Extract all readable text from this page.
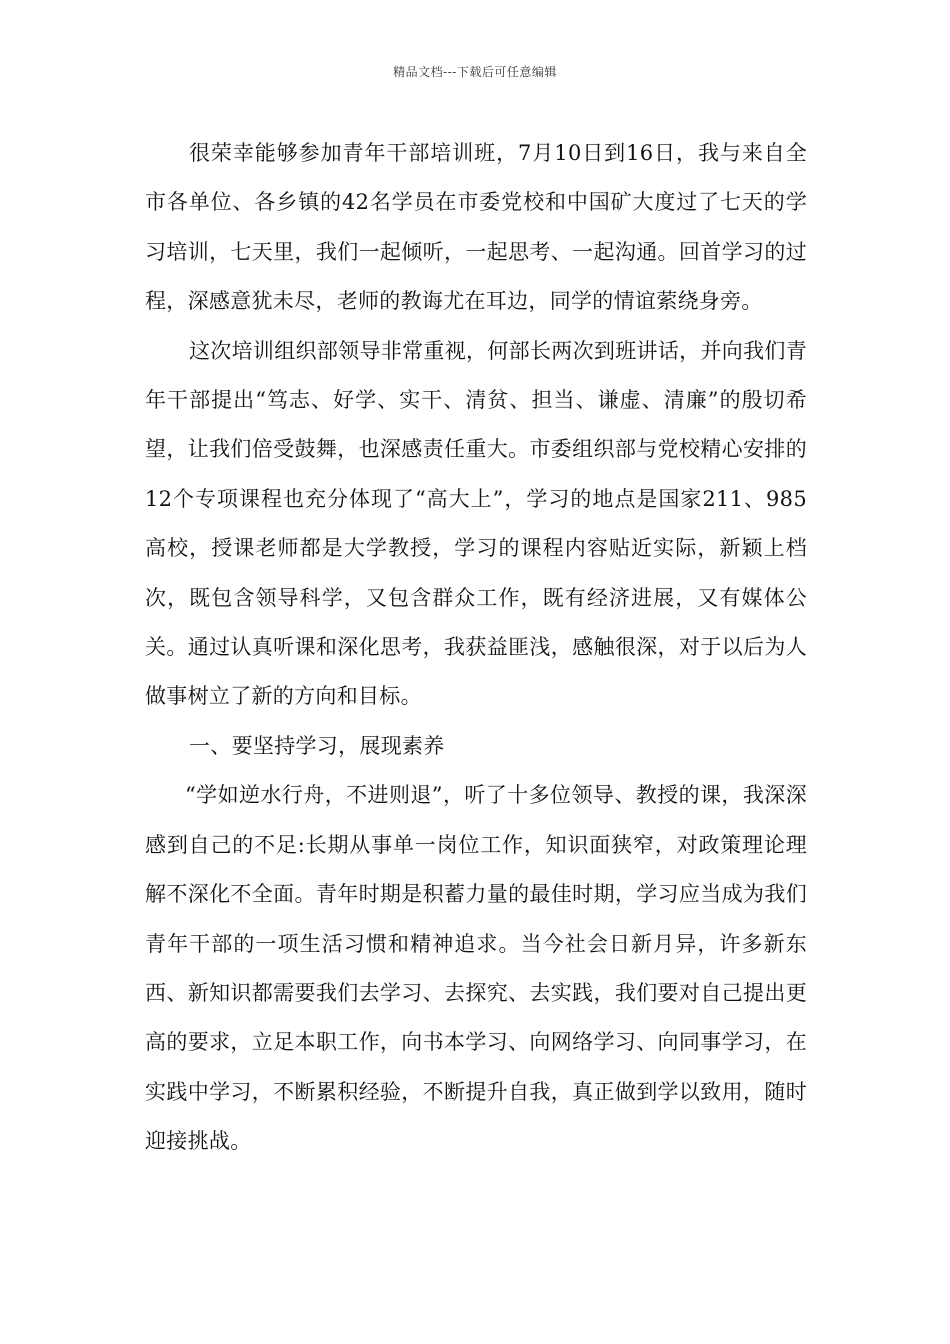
精品文档---下载后可任意编辑

很荣幸能够参加青年干部培训班，7月10日到16日，我与来自全市各单位、各乡镇的42名学员在市委党校和中国矿大度过了七天的学习培训，七天里，我们一起倾听，一起思考、一起沟通。回首学习的过程，深感意犹未尽，老师的教诲尤在耳边，同学的情谊萦绕身旁。

这次培训组织部领导非常重视，何部长两次到班讲话，并向我们青年干部提出“笃志、好学、实干、清贫、担当、谦虚、清廉”的殷切希望，让我们倍受鼓舞，也深感责任重大。市委组织部与党校精心安排的12个专项课程也充分体现了“高大上”，学习的地点是国家211、985高校，授课老师都是大学教授，学习的课程内容贴近实际，新颖上档次，既包含领导科学，又包含群众工作，既有经济进展，又有媒体公关。通过认真听课和深化思考，我获益匪浅，感触很深，对于以后为人做事树立了新的方向和目标。

一、要坚持学习，展现素养

“学如逆水行舟，不进则退”，听了十多位领导、教授的课，我深深感到自己的不足:长期从事单一岗位工作，知识面狭窄，对政策理论理解不深化不全面。青年时期是积蓄力量的最佳时期，学习应当成为我们青年干部的一项生活习惯和精神追求。当今社会日新月异，许多新东西、新知识都需要我们去学习、去探究、去实践，我们要对自己提出更高的要求，立足本职工作，向书本学习、向网络学习、向同事学习，在实践中学习，不断累积经验，不断提升自我，真正做到学以致用，随时迎接挑战。
